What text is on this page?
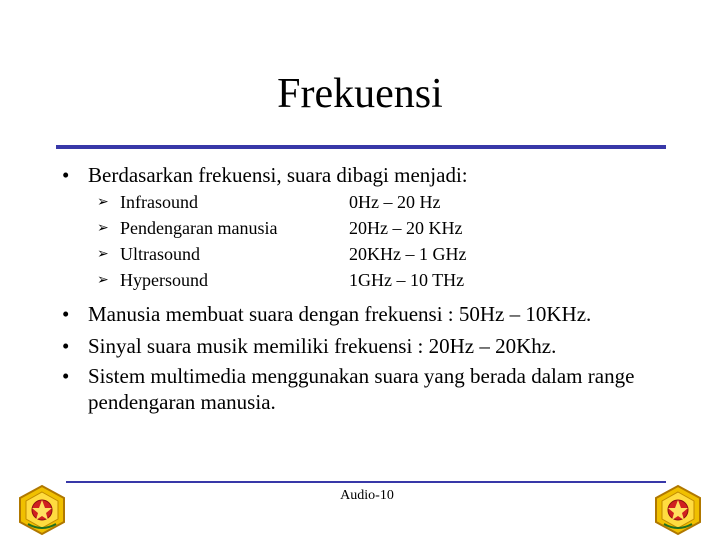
Frekuensi
• Berdasarkan frekuensi, suara dibagi menjadi:
➢ Infrasound	0Hz – 20 Hz
➢ Pendengaran manusia	20Hz – 20 KHz
➢ Ultrasound	20KHz – 1 GHz
➢ Hypersound	1GHz – 10 THz
• Manusia membuat suara dengan frekuensi : 50Hz – 10KHz.
• Sinyal suara musik memiliki frekuensi : 20Hz – 20Khz.
• Sistem multimedia menggunakan suara yang berada dalam range pendengaran manusia.
Audio-10
